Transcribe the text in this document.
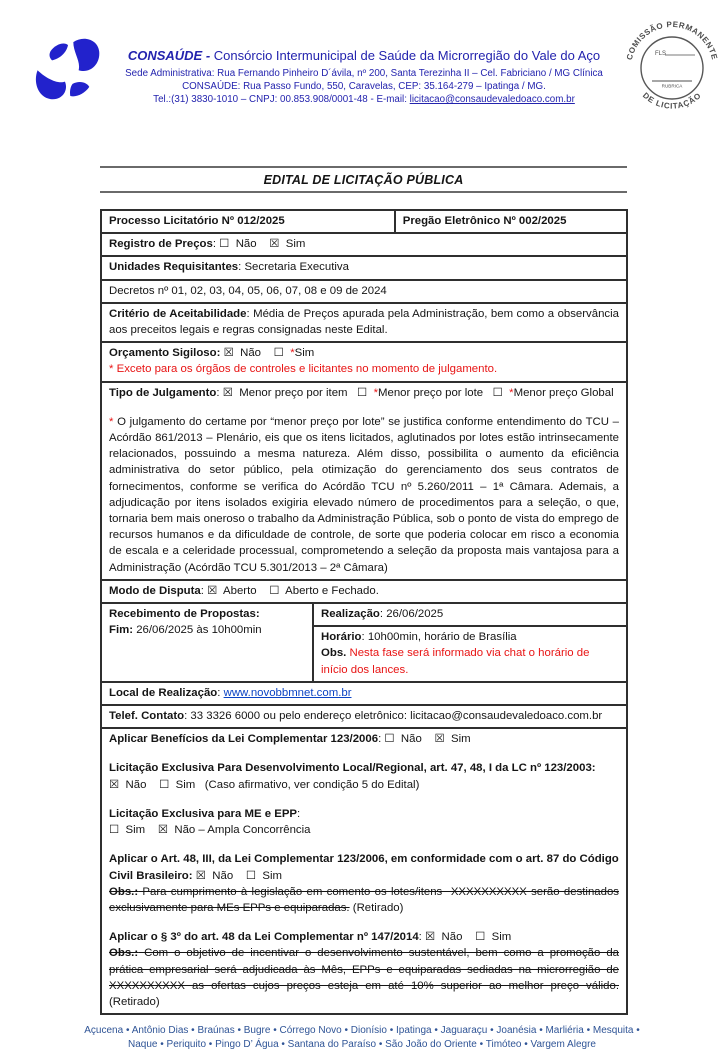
CONSAÚDE - Consórcio Intermunicipal de Saúde da Microrregião do Vale do Aço
Sede Administrativa: Rua Fernando Pinheiro D´ávila, nº 200, Santa Terezinha II – Cel. Fabriciano / MG Clínica
CONSAÚDE: Rua Passo Fundo, 550, Caravelas, CEP: 35.164-279 – Ipatinga / MG.
Tel.:(31) 3830-1010 – CNPJ: 00.853.908/0001-48 - E-mail: licitacao@consaudevaledoaco.com.br
COMISSÃO PERMANENTE
DE LICITAÇÃO
FLS
RUBRICA
EDITAL DE LICITAÇÃO PÚBLICA
Processo Licitatório Nº 012/2025	Pregão Eletrônico Nº 002/2025
Registro de Preços: ☐  Não    ☒  Sim
Unidades Requisitantes: Secretaria Executiva
Decretos nº 01, 02, 03, 04, 05, 06, 07, 08 e 09 de 2024
Critério de Aceitabilidade: Média de Preços apurada pela Administração, bem como a observância aos preceitos legais e regras consignadas neste Edital.
Orçamento Sigiloso: ☒  Não    ☐  *Sim
* Exceto para os órgãos de controles e licitantes no momento de julgamento.
Tipo de Julgamento: ☒  Menor preço por item   ☐  *Menor preço por lote   ☐  *Menor preço Global
* O julgamento do certame por “menor preço por lote” se justifica conforme entendimento do TCU – Acórdão 861/2013 – Plenário, eis que os itens licitados, aglutinados por lotes estão intrinsecamente relacionados, possuindo a mesma natureza. Além disso, possibilita o aumento da eficiência administrativa do setor público, pela otimização do gerenciamento dos seus contratos de fornecimentos, conforme se verifica do Acórdão TCU nº 5.260/2011 – 1ª Câmara. Ademais, a adjudicação por itens isolados exigiria elevado número de procedimentos para a seleção, o que, tornaria bem mais oneroso o trabalho da Administração Pública, sob o ponto de vista do emprego de recursos humanos e da dificuldade de controle, de sorte que poderia colocar em risco a economia de escala e a celeridade processual, comprometendo a seleção da proposta mais vantajosa para a Administração (Acórdão TCU 5.301/2013 – 2ª Câmara)
Modo de Disputa: ☒  Aberto    ☐  Aberto e Fechado.
Recebimento de Propostas:
Fim: 26/06/2025 às 10h00min
Realização: 26/06/2025
Horário: 10h00min, horário de Brasília
Obs. Nesta fase será informado via chat o horário de início dos lances.
Local de Realização: www.novobbmnet.com.br
Telef. Contato: 33 3326 6000 ou pelo endereço eletrônico: licitacao@consaudevaledoaco.com.br
Aplicar Benefícios da Lei Complementar 123/2006: ☐  Não    ☒  Sim
Licitação Exclusiva Para Desenvolvimento Local/Regional, art. 47, 48, I da LC nº 123/2003:
☒  Não    ☐  Sim   (Caso afirmativo, ver condição 5 do Edital)
Licitação Exclusiva para ME e EPP:
☐  Sim    ☒  Não – Ampla Concorrência
Aplicar o Art. 48, III, da Lei Complementar 123/2006, em conformidade com o art. 87 do Código Civil Brasileiro: ☒  Não    ☐  Sim
Obs.: Para cumprimento à legislação em comento os lotes/itens  XXXXXXXXXX serão destinados exclusivamente para MEs EPPs e equiparadas. (Retirado)
Aplicar o § 3º do art. 48 da Lei Complementar nº 147/2014: ☒  Não    ☐  Sim
Obs.: Com o objetivo de incentivar o desenvolvimento sustentável, bem como a promoção da prática empresarial será adjudicada às Mês, EPPs e equiparadas sediadas na microrregião de XXXXXXXXXX as ofertas cujos preços esteja em até 10% superior ao melhor preço válido. (Retirado)
Açucena • Antônio Dias • Braúnas • Bugre • Córrego Novo • Dionísio • Ipatinga • Jaguaraçu • Joanésia • Marliéria • Mesquita • Naque • Periquito • Pingo D’ Água • Santana do Paraíso • São João do Oriente • Timóteo • Vargem Alegre
